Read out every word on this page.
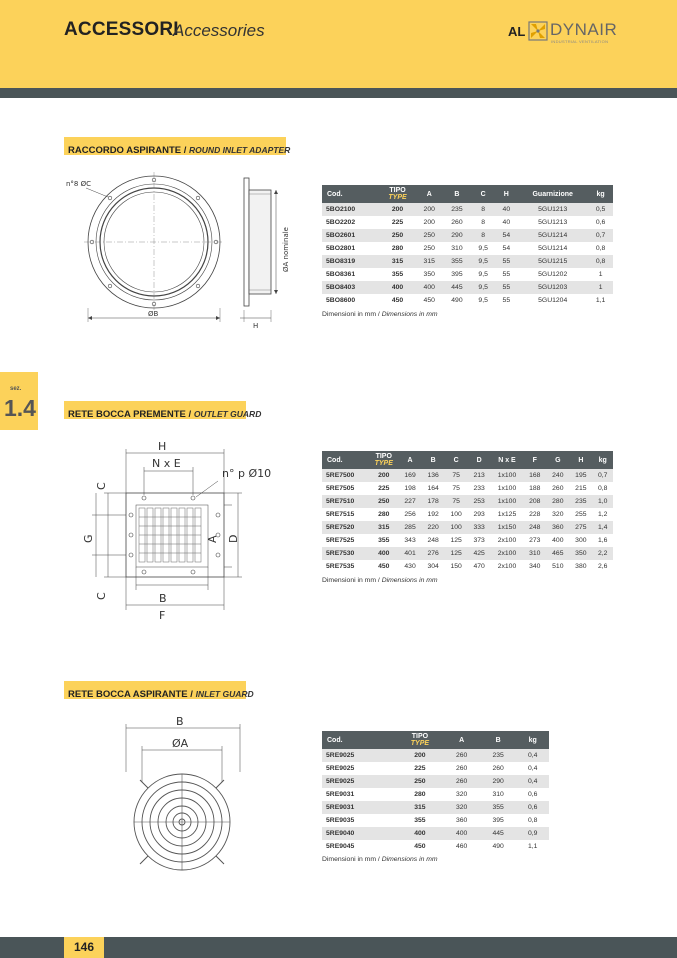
ACCESSORI
Accessories	AL DYNAIR
INDUSTRIAL VENTILATION
sez.
1.4
RACCORDO ASPIRANTE / ROUND INLET ADAPTER
n°8 ØC
ØB
ØA nominale
H
Cod.	TIPO
TYPE	A	B	C	H	Guarnizione	kg
5BO2100	200	200	235	8	40	5GU1213	0,5
5BO2202	225	200	260	8	40	5GU1213	0,6
5BO2601	250	250	290	8	54	5GU1214	0,7
5BO2801	280	250	310	9,5	54	5GU1214	0,8
5BO8319	315	315	355	9,5	55	5GU1215	0,8
5BO8361	355	350	395	9,5	55	5GU1202	1
5BO8403	400	400	445	9,5	55	5GU1203	1
5BO8600	450	450	490	9,5	55	5GU1204	1,1
Dimensioni in mm / Dimensions in mm
RETE BOCCA PREMENTE / OUTLET GUARD
H
N x E
n° p Ø10
C
G
C
A D
B
F
Cod.	TIPO
TYPE	A	B	C	D	N x E	F	G	H	kg
5RE7500	200	169	136	75	213	1x100	168	240	195	0,7
5RE7505	225	198	164	75	233	1x100	188	260	215	0,8
5RE7510	250	227	178	75	253	1x100	208	280	235	1,0
5RE7515	280	256	192	100	293	1x125	228	320	255	1,2
5RE7520	315	285	220	100	333	1x150	248	360	275	1,4
5RE7525	355	343	248	125	373	2x100	273	400	300	1,6
5RE7530	400	401	276	125	425	2x100	310	465	350	2,2
5RE7535	450	430	304	150	470	2x100	340	510	380	2,6
Dimensioni in mm / Dimensions in mm
RETE BOCCA ASPIRANTE / INLET GUARD
B
ØA	Cod.	TIPO
TYPE	A	B	kg
5RE9025	200	260	235	0,4
5RE9025	225	260	260	0,4
5RE9025	250	260	290	0,4
5RE9031	280	320	310	0,6
5RE9031	315	320	355	0,6
5RE9035	355	360	395	0,8
5RE9040	400	400	445	0,9
5RE9045	450	460	490	1,1
Dimensioni in mm / Dimensions in mm
146
